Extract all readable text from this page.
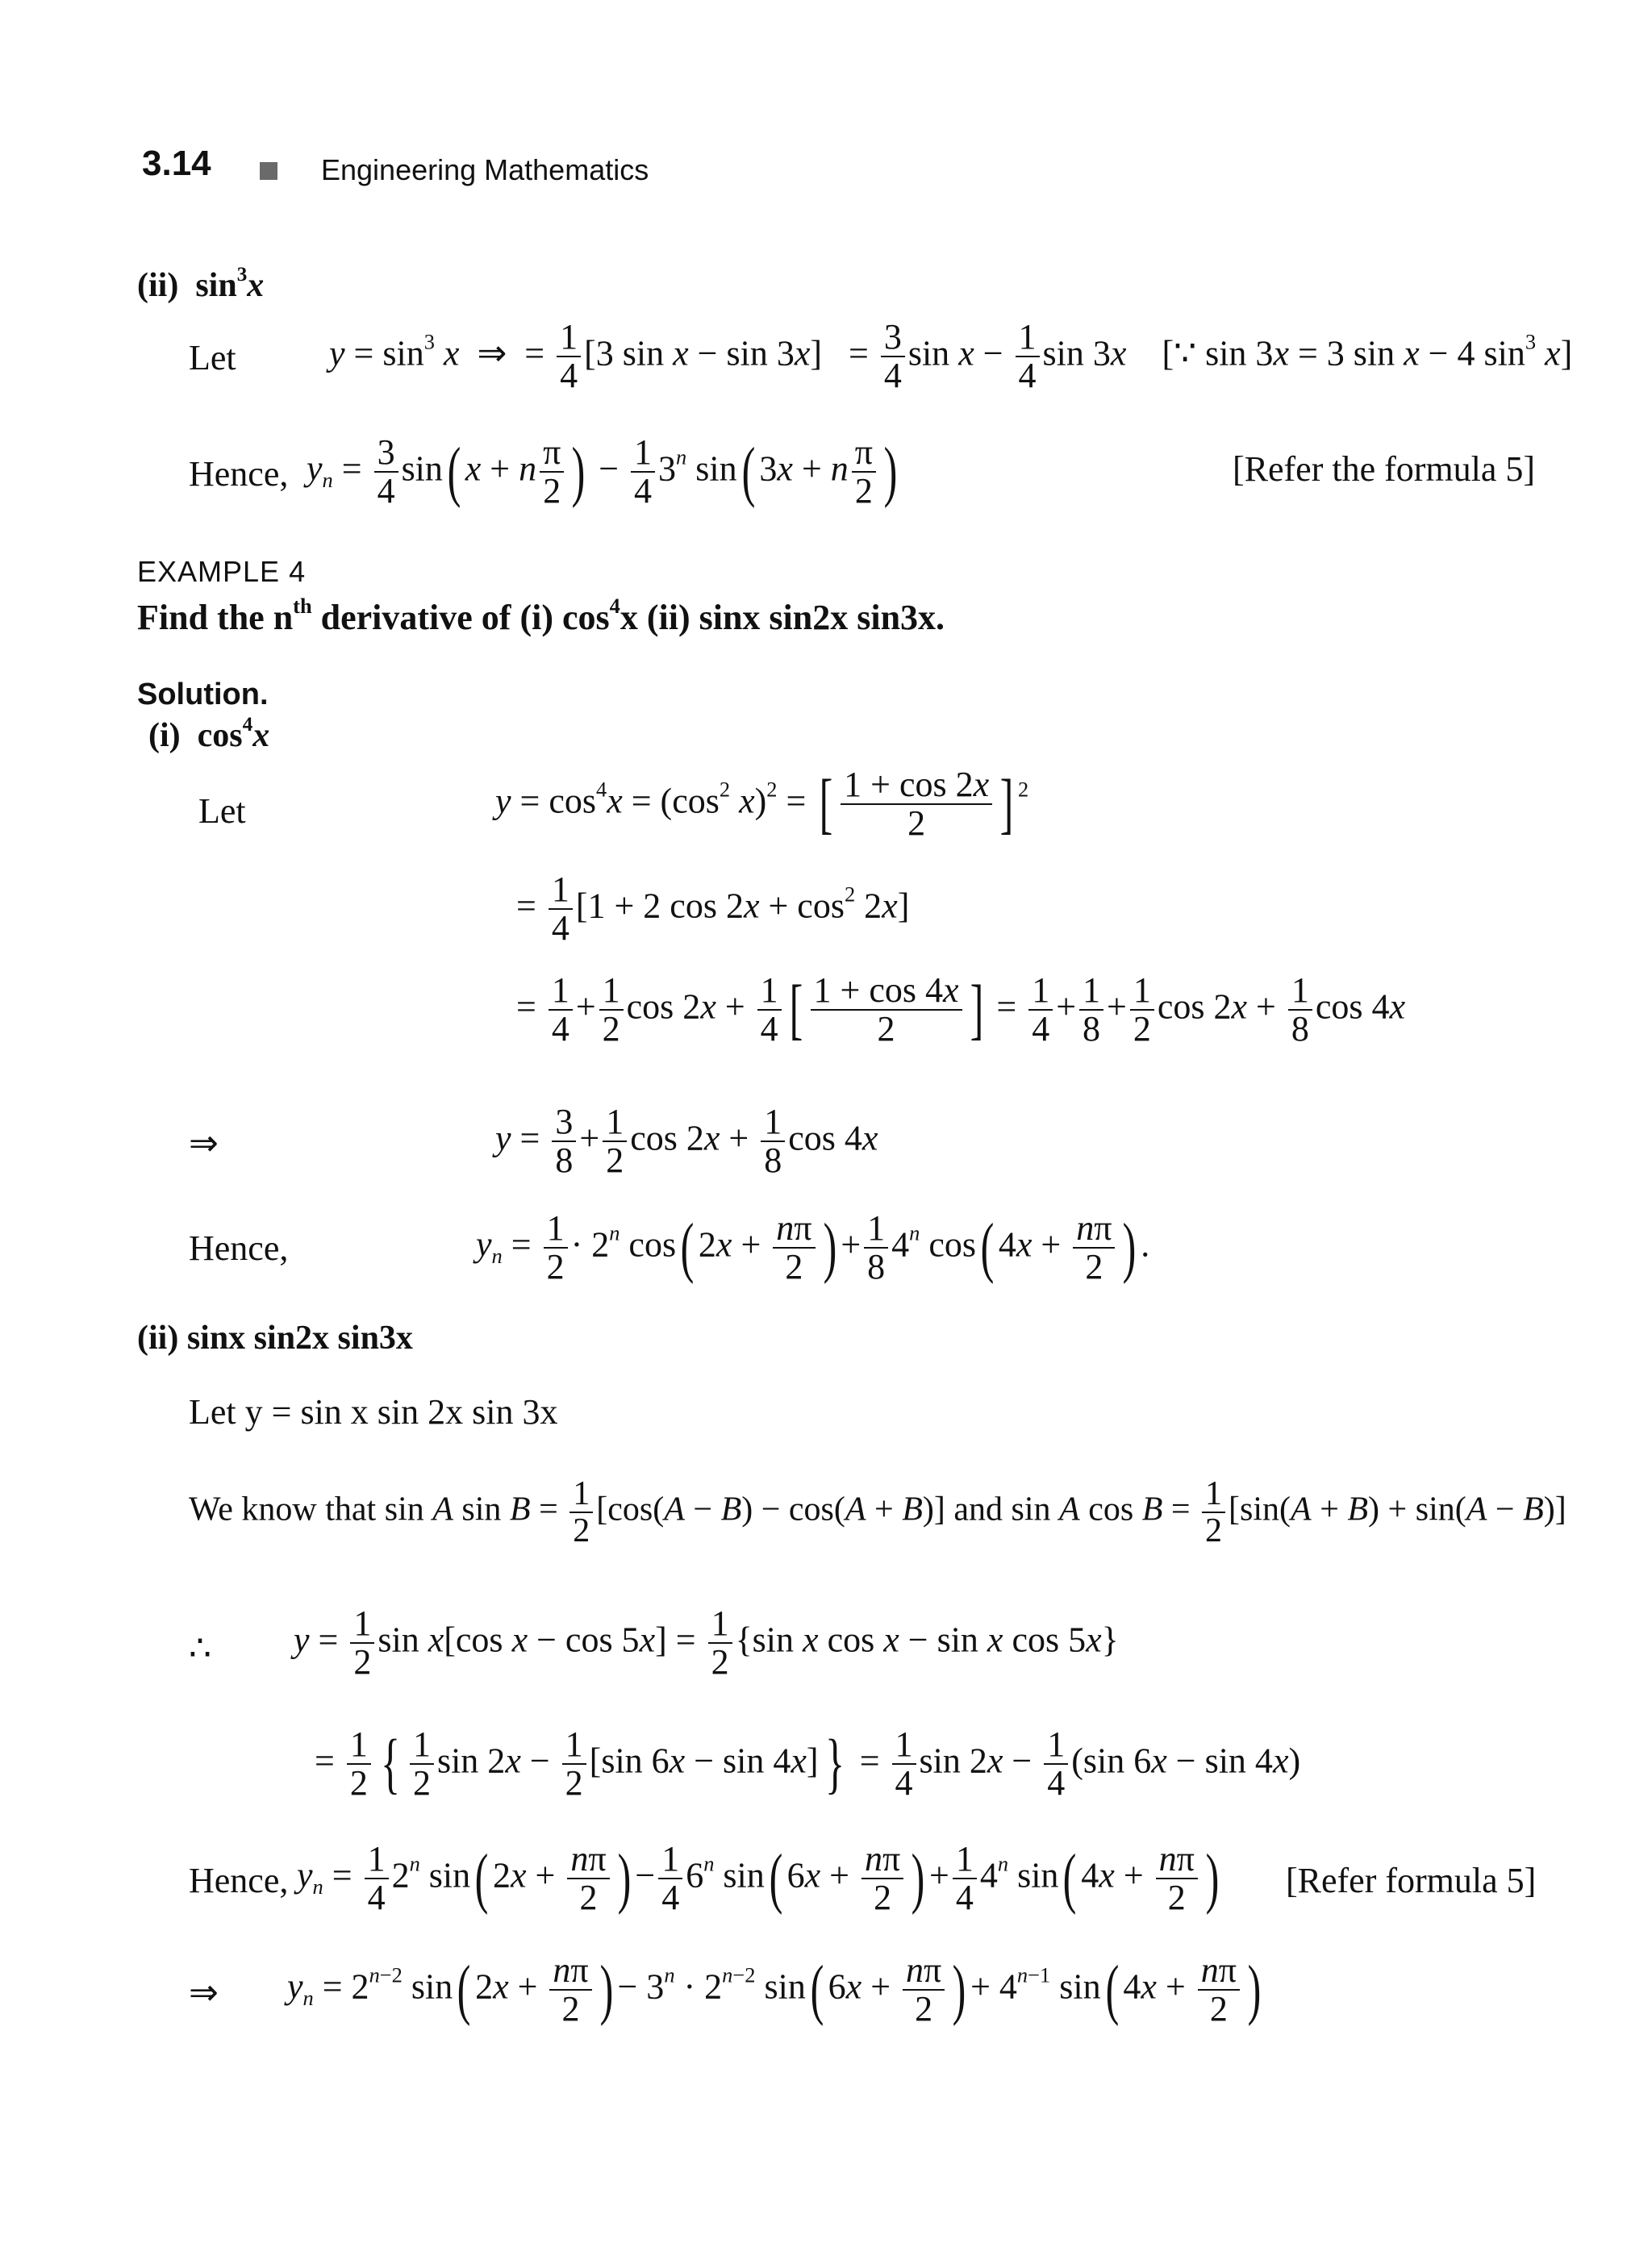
3.14	Engineering Mathematics
(ii) $\sin^3x$
Let	$y = \sin^3 x$  ⇒  = $\frac{1}{4} [3$ $\sin x - \sin 3x] = \frac{3}{4}$ $\sin x - \frac{1}{4}$ sin 3x    [∵ sin 3x = 3 sin x − 4 $\sin^3 x$]
Hence, $y_n = \frac{3}{4} \sin$( x + n $\frac{\pi}{2}$ ) − $\frac{1}{4} 3^n$ sin( 3x + n $\frac{\pi}{2}$ )	[Refer the formula 5]
EXAMPLE 4
Find the $n^{th}$ derivative of (i) $\cos^4x$ (ii) sinx sin2x sin3x.
Solution.
(i) $\cos^4x$
Let	$y = \cos^4x = (\cos^2$ x)$^2$ = [ $\frac{1 + \cos 2x}{2}$ ] $^2$
= $\frac{1}{4} [1 + 2$ $\cos 2x + \cos^2 2x$]
= $\frac{1}{4} + \frac{1}{2}$ $\cos 2x + \frac{1}{4}$ [ $\frac{1 + \cos 4x}{2}$ ] = $\frac{1}{4} + \frac{1}{8} + \frac{1}{2}$ $\cos 2x + \frac{1}{8}$ cos 4x
⇒	$y = \frac{3}{8} + \frac{1}{2}$ $\cos 2x + \frac{1}{8}$ cos 4x
Hence,	$y_n = \frac{1}{2} \cdot 2^n$ cos( $2x + \frac{n\pi}{2}$ ) + $\frac{1}{8} 4^n$ cos( $4x + \frac{n\pi}{2}$ ) .
(ii) sinx sin2x sin3x
Let y = sin x sin 2x sin 3x
We know that sin A $\sin B = \frac{1}{2} [\cos(A - B) - \cos(A + B)]$ and sin A $\cos B = \frac{1}{2} [\sin(A + B) + \sin(A - B)]$
∴ $y = \frac{1}{2}$ sin x[cos $x - \cos 5x] = \frac{1}{2} \{\sin$ x cos x − sin x cos 5x}
= $\frac{1}{2}$ { $\frac{1}{2}$ $\sin 2x - \frac{1}{2} [\sin$ $6x - \sin 4x]\} = \frac{1}{4}$ $\sin 2x - \frac{1}{4} (\sin$ 6x − sin 4x)
Hence, $y_n = \frac{1}{4} 2^n$ sin( $2x + \frac{n\pi}{2}$ ) − $\frac{1}{4} 6^n$ sin( $6x + \frac{n\pi}{2}$ ) + $\frac{1}{4} 4^n$ sin( $4x + \frac{n\pi}{2}$ ) [Refer formula 5]
⇒ $y_n = 2^{n-2}$ sin( $2x + \frac{n\pi}{2}$ ) − $3^n \cdot 2^{n-2}$ sin( $6x + \frac{n\pi}{2}$ ) + $4^{n-1}$ sin( $4x + \frac{n\pi}{2}$ )
